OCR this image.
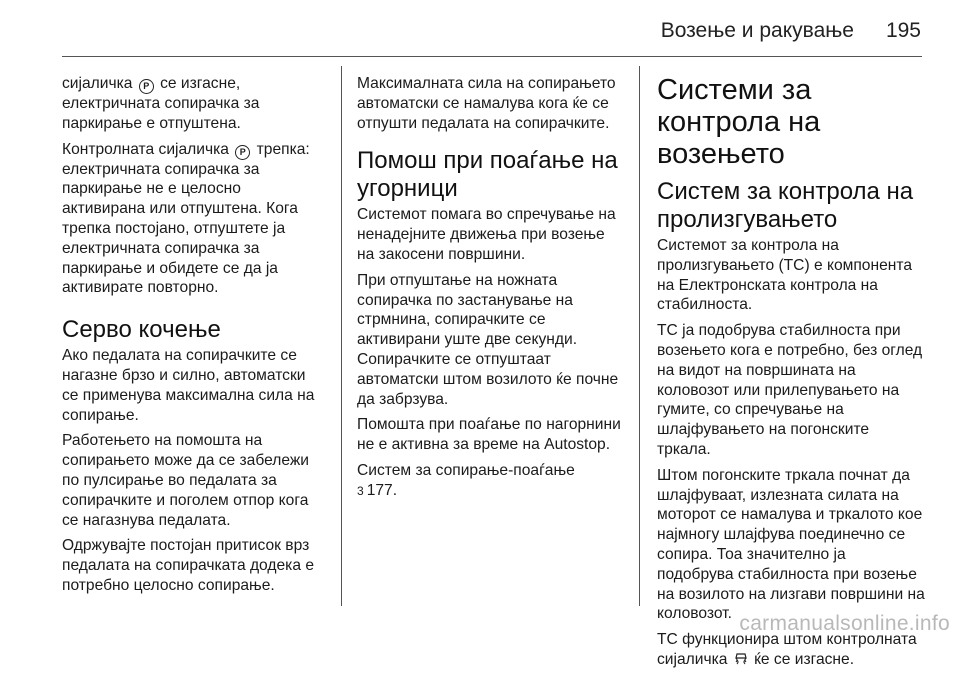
Возење и ракување 195

сијаличка P се изгасне, електричната сопирачка за паркирање е отпуштена.

Контролната сијаличка P трепка: електричната сопирачка за паркирање не е целосно активирана или отпуштена. Кога трепка постојано, отпуштете ја електричната сопирачка за паркирање и обидете се да ја активирате повторно.

Серво кочење

Ако педалата на сопирачките се нагазне брзо и силно, автоматски се применува максимална сила на сопирање.

Работењето на помошта на сопирањето може да се забележи по пулсирање во педалата за сопирачките и поголем отпор кога се нагазнува педалата.

Одржувајте постојан притисок врз педалата на сопирачката додека е потребно целосно сопирање.

Максималната сила на сопирањето автоматски се намалува кога ќе се отпушти педалата на сопирачките.

Помош при поаѓање на угорници

Системот помага во спречување на ненадејните движења при возење на закосени површини.

При отпуштање на ножната сопирачка по застанување на стрмнина, сопирачките се активирани уште две секунди. Сопирачките се отпуштаат автоматски штом возилото ќе почне да забрзува.

Помошта при поаѓање по нагорнини не е активна за време на Autostop.

Систем за сопирање-поаѓање
3 177.

Системи за контрола на возењето
Систем за контрола на пролизгувањето

Системот за контрола на пролизгувањето (TC) е компонента на Електронската контрола на стабилноста.

TC ја подобрува стабилноста при возењето кога е потребно, без оглед на видот на површината на коловозот или прилепувањето на гумите, со спречување на шлајфувањето на погонските тркала.

Штом погонските тркала почнат да шлајфуваат, излезната силата на моторот се намалува и тркалото кое најмногу шлајфува поединечно се сопира. Тоа значително ја подобрува стабилноста при возење на возилото на лизгави површини на коловозот.

TC функционира штом контролната сијаличка ќе се изгасне.

carmanualsonline.info
